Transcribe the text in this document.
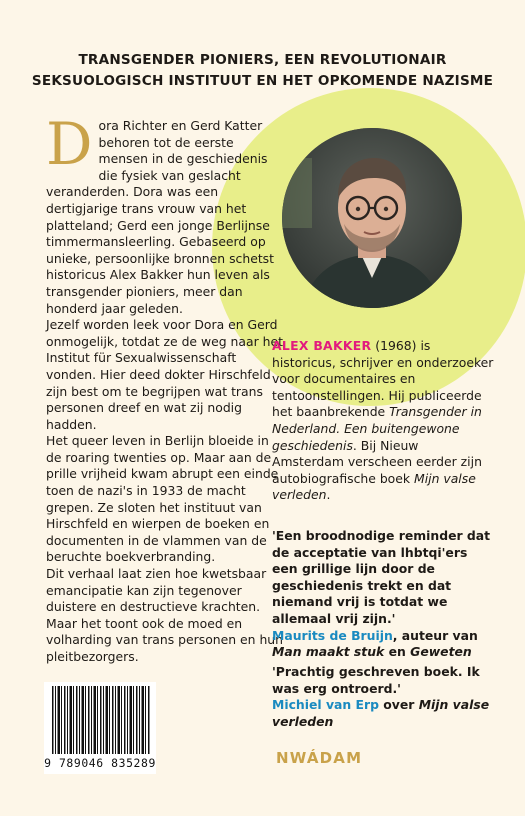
TRANSGENDER PIONIERS, EEN REVOLUTIONAIR
SEKSUOLOGISCH INSTITUUT EN HET OPKOMENDE NAZISME

Dora Richter en Gerd Katter behoren tot de eerste mensen in de geschiedenis die fysiek van geslacht veranderden. Dora was een dertigjarige trans vrouw van het platteland; Gerd een jonge Berlijnse timmermansleerling. Gebaseerd op unieke, persoonlijke bronnen schetst historicus Alex Bakker hun leven als transgender pioniers, meer dan honderd jaar geleden.

Jezelf worden leek voor Dora en Gerd onmogelijk, totdat ze de weg naar het Institut für Sexualwissenschaft vonden. Hier deed dokter Hirschfeld zijn best om te begrijpen wat trans personen dreef en wat zij nodig hadden.

Het queer leven in Berlijn bloeide in de roaring twenties op. Maar aan de prille vrijheid kwam abrupt een einde toen de nazi's in 1933 de macht grepen. Ze sloten het instituut van Hirschfeld en wierpen de boeken en documenten in de vlammen van de beruchte boekverbranding.

Dit verhaal laat zien hoe kwetsbaar emancipatie kan zijn tegenover duistere en destructieve krachten. Maar het toont ook de moed en volharding van trans personen en hun pleitbezorgers.

ALEX BAKKER (1968) is historicus, schrijver en onderzoeker voor documentaires en tentoonstellingen. Hij publiceerde het baanbrekende Transgender in Nederland. Een buitengewone geschiedenis. Bij Nieuw Amsterdam verscheen eerder zijn autobiografische boek Mijn valse verleden.
'Een broodnodige reminder dat de acceptatie van lhbtqi'ers een grillige lijn door de geschiedenis trekt en dat niemand vrij is totdat we allemaal vrij zijn.'
Maurits de Bruijn, auteur van Man maakt stuk en Geweten
'Prachtig geschreven boek. Ik was erg ontroerd.'
Michiel van Erp over Mijn valse verleden
9 789046 835289	NWÁDAM
